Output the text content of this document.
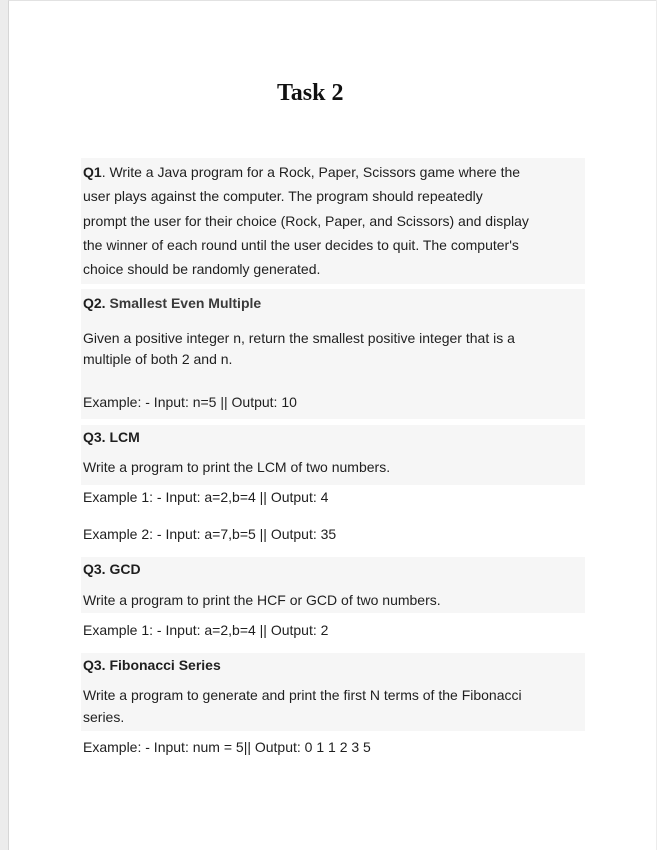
Task 2
Q1. Write a Java program for a Rock, Paper, Scissors game where the
user plays against the computer. The program should repeatedly
prompt the user for their choice (Rock, Paper, and Scissors) and display
the winner of each round until the user decides to quit. The computer's
choice should be randomly generated.
Q2. Smallest Even Multiple
Given a positive integer n, return the smallest positive integer that is a
multiple of both 2 and n.
Example: - Input: n=5 || Output: 10
Q3. LCM
Write a program to print the LCM of two numbers.
Example 1: - Input: a=2,b=4 || Output: 4
Example 2: - Input: a=7,b=5 || Output: 35
Q3. GCD
Write a program to print the HCF or GCD of two numbers.
Example 1: - Input: a=2,b=4 || Output: 2
Q3. Fibonacci Series
Write a program to generate and print the first N terms of the Fibonacci
series.
Example: - Input: num = 5|| Output: 0 1 1 2 3 5
